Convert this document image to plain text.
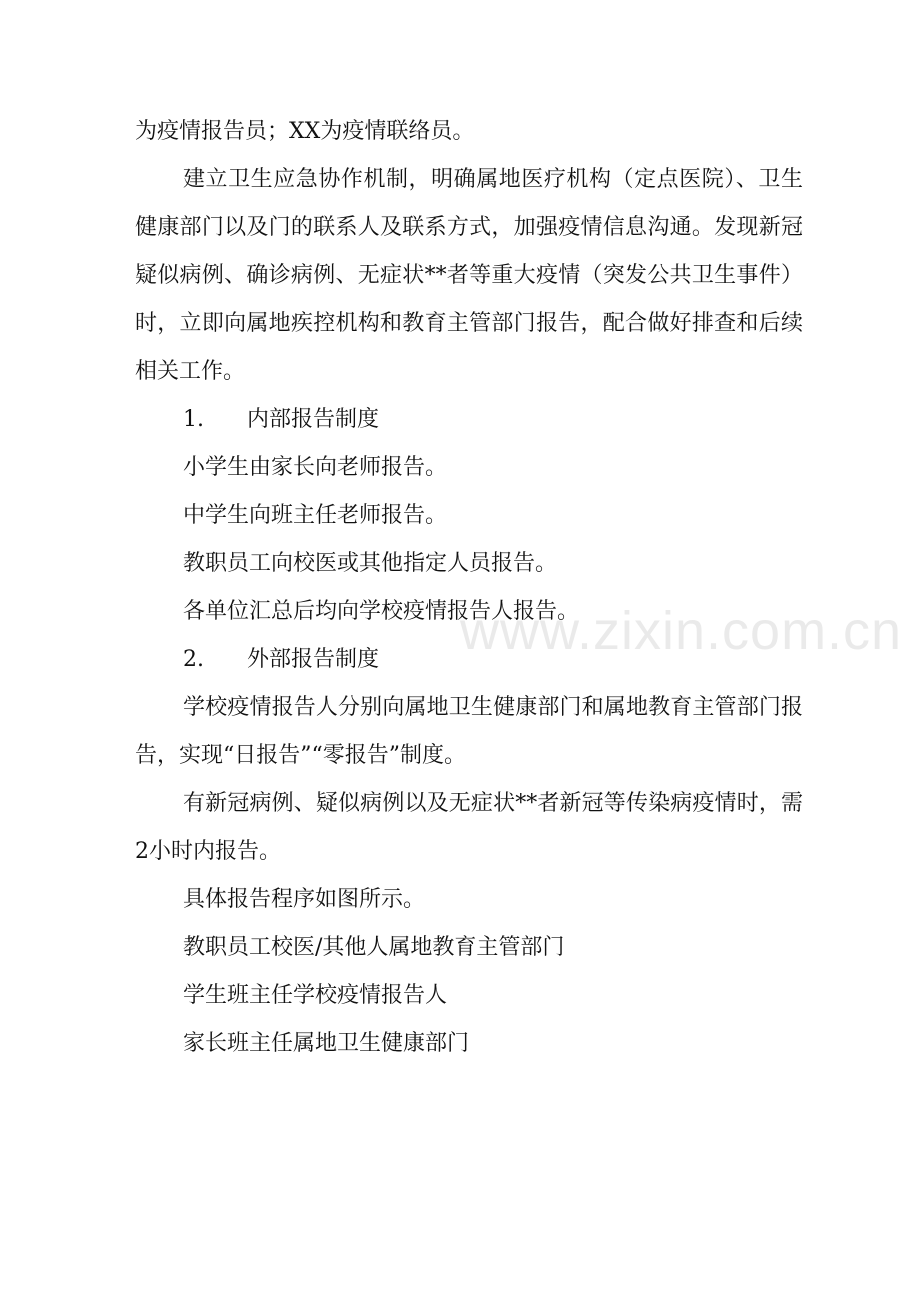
为疫情报告员；XX为疫情联络员。

建立卫生应急协作机制，明确属地医疗机构（定点医院）、卫生健康部门以及门的联系人及联系方式，加强疫情信息沟通。发现新冠疑似病例、确诊病例、无症状**者等重大疫情（突发公共卫生事件）时，立即向属地疾控机构和教育主管部门报告，配合做好排查和后续相关工作。

1. 内部报告制度

小学生由家长向老师报告。

中学生向班主任老师报告。

教职员工向校医或其他指定人员报告。

各单位汇总后均向学校疫情报告人报告。

2. 外部报告制度

学校疫情报告人分别向属地卫生健康部门和属地教育主管部门报告，实现“日报告”“零报告”制度。

有新冠病例、疑似病例以及无症状**者新冠等传染病疫情时，需2小时内报告。

具体报告程序如图所示。

教职员工校医/其他人属地教育主管部门

学生班主任学校疫情报告人

家长班主任属地卫生健康部门

www.zixin.com.cn
